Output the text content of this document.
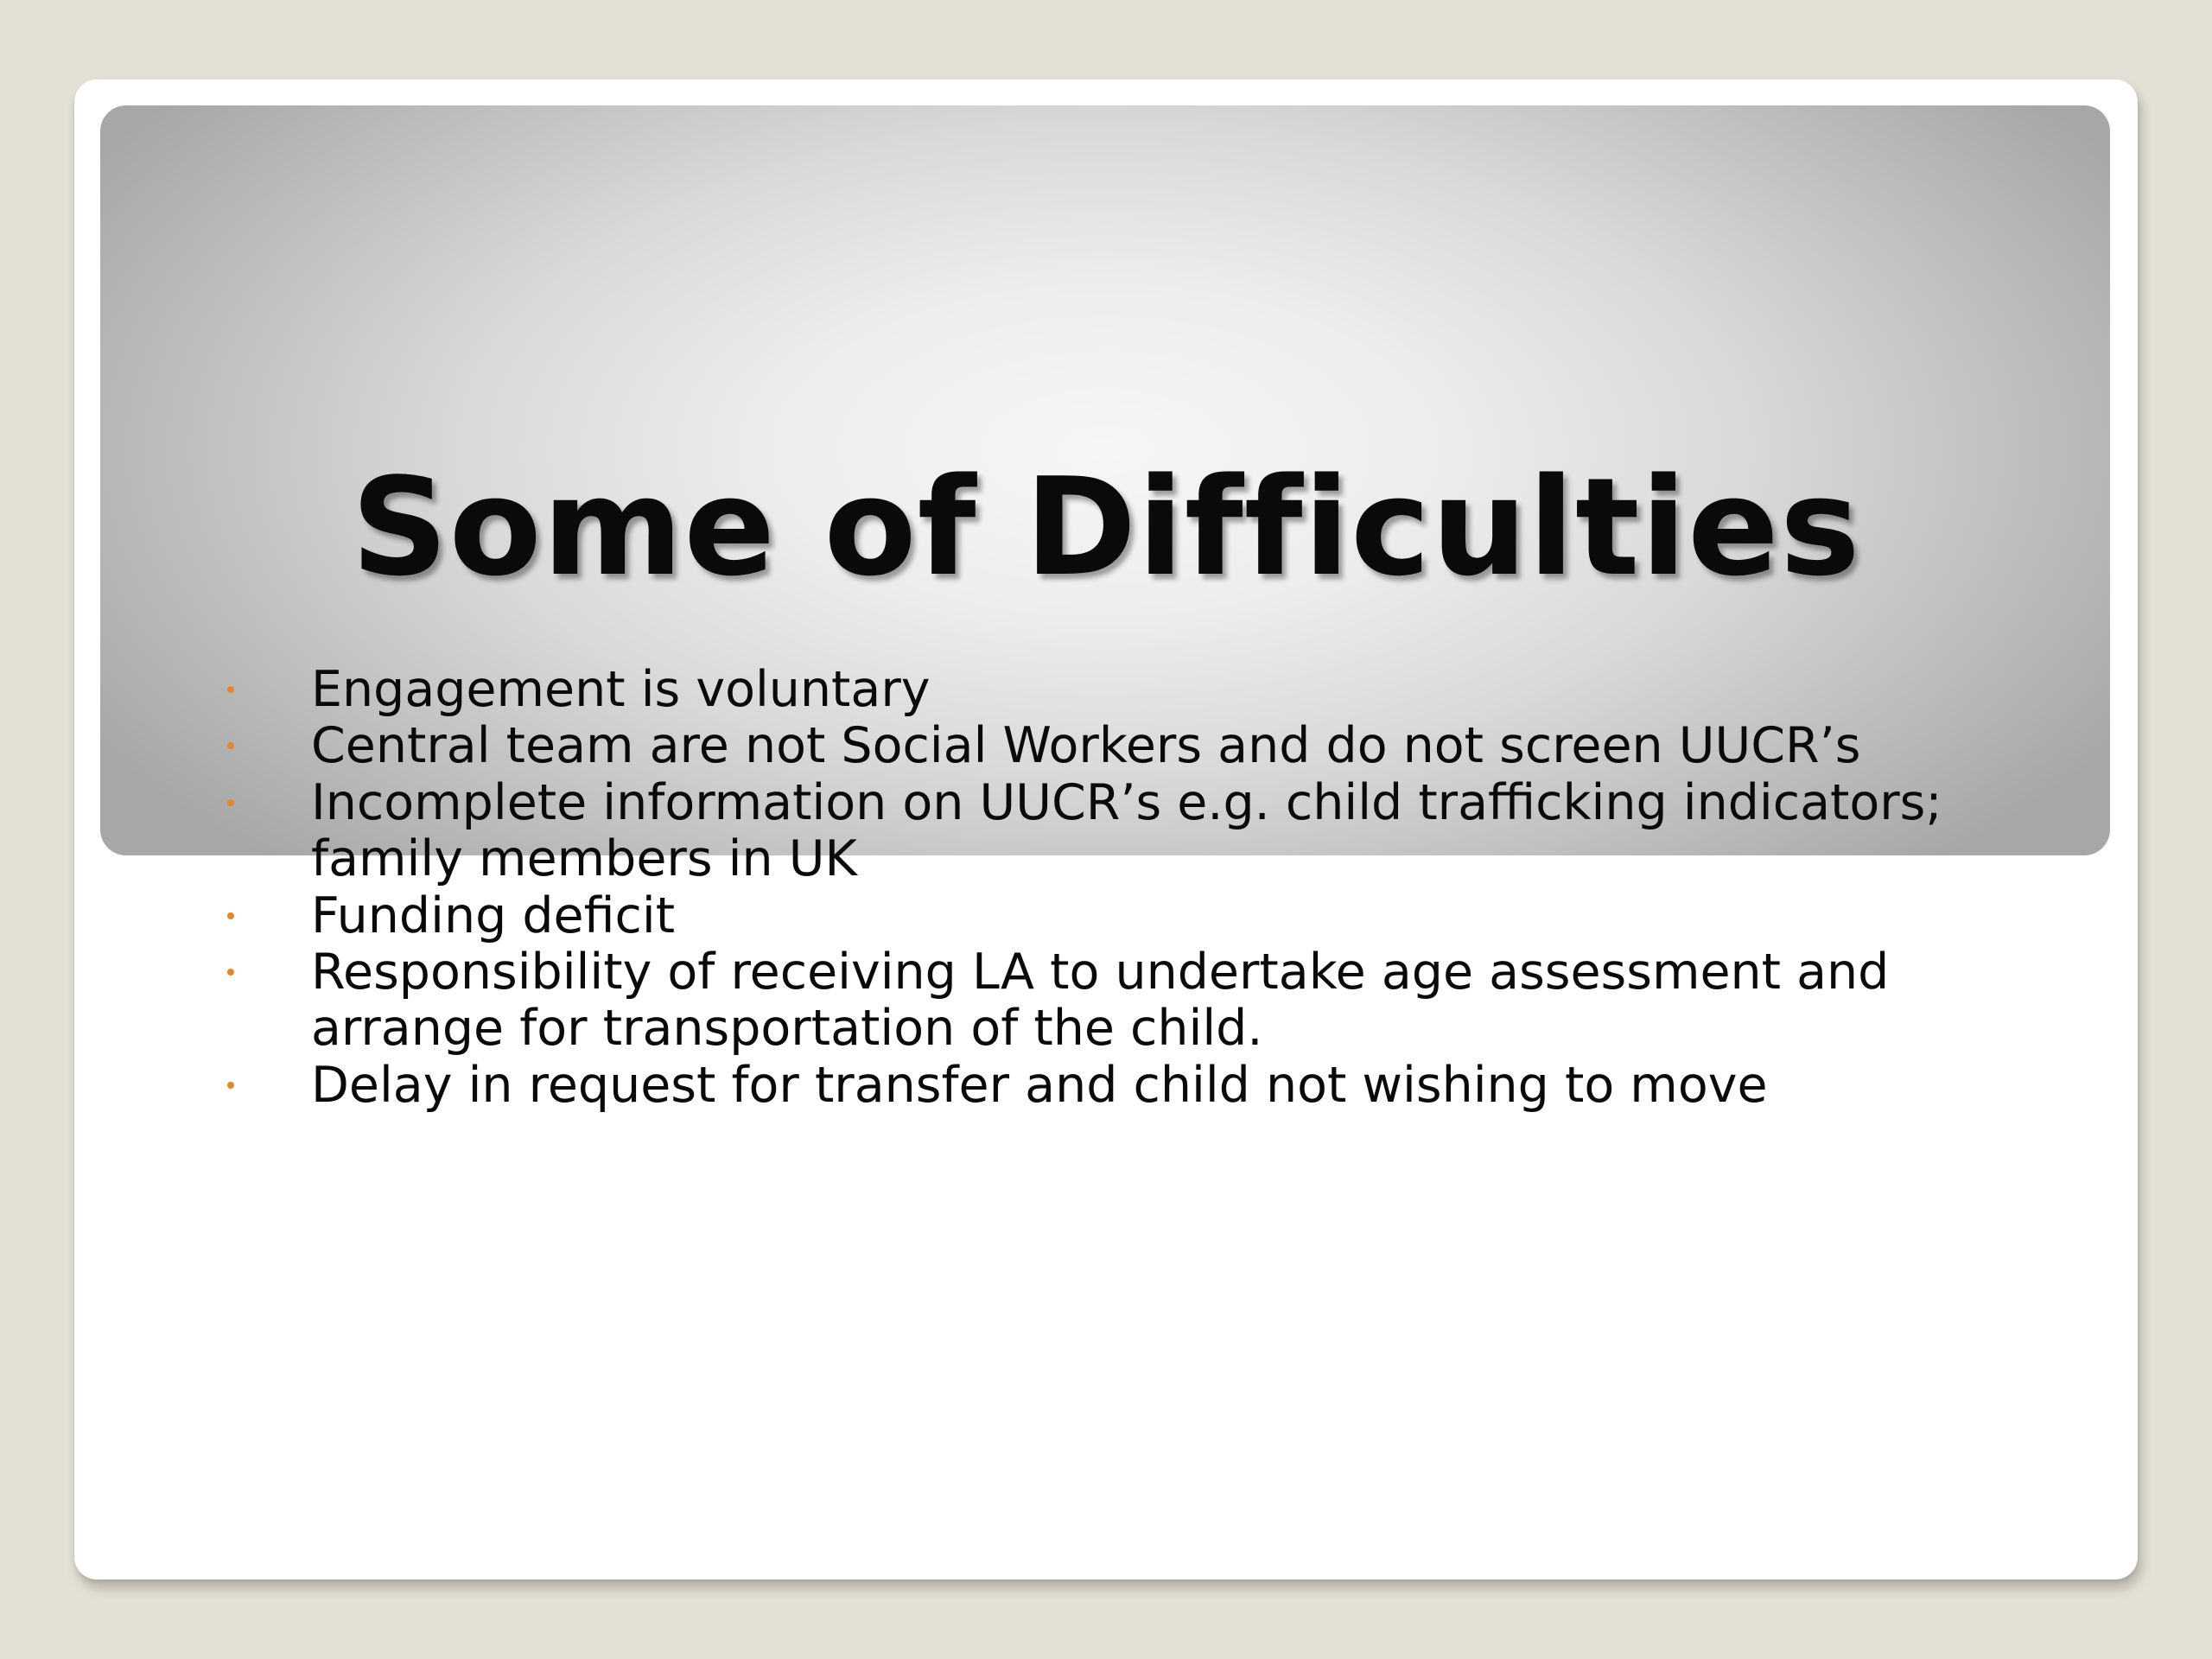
Some of Difficulties
Engagement is voluntary
Central team are not Social Workers and do not screen UUCR’s
Incomplete information on UUCR’s e.g. child trafficking indicators; family members in UK
Funding deficit
Responsibility of receiving LA to undertake age assessment and arrange for transportation of the child.
Delay in request for transfer and child not wishing to move
